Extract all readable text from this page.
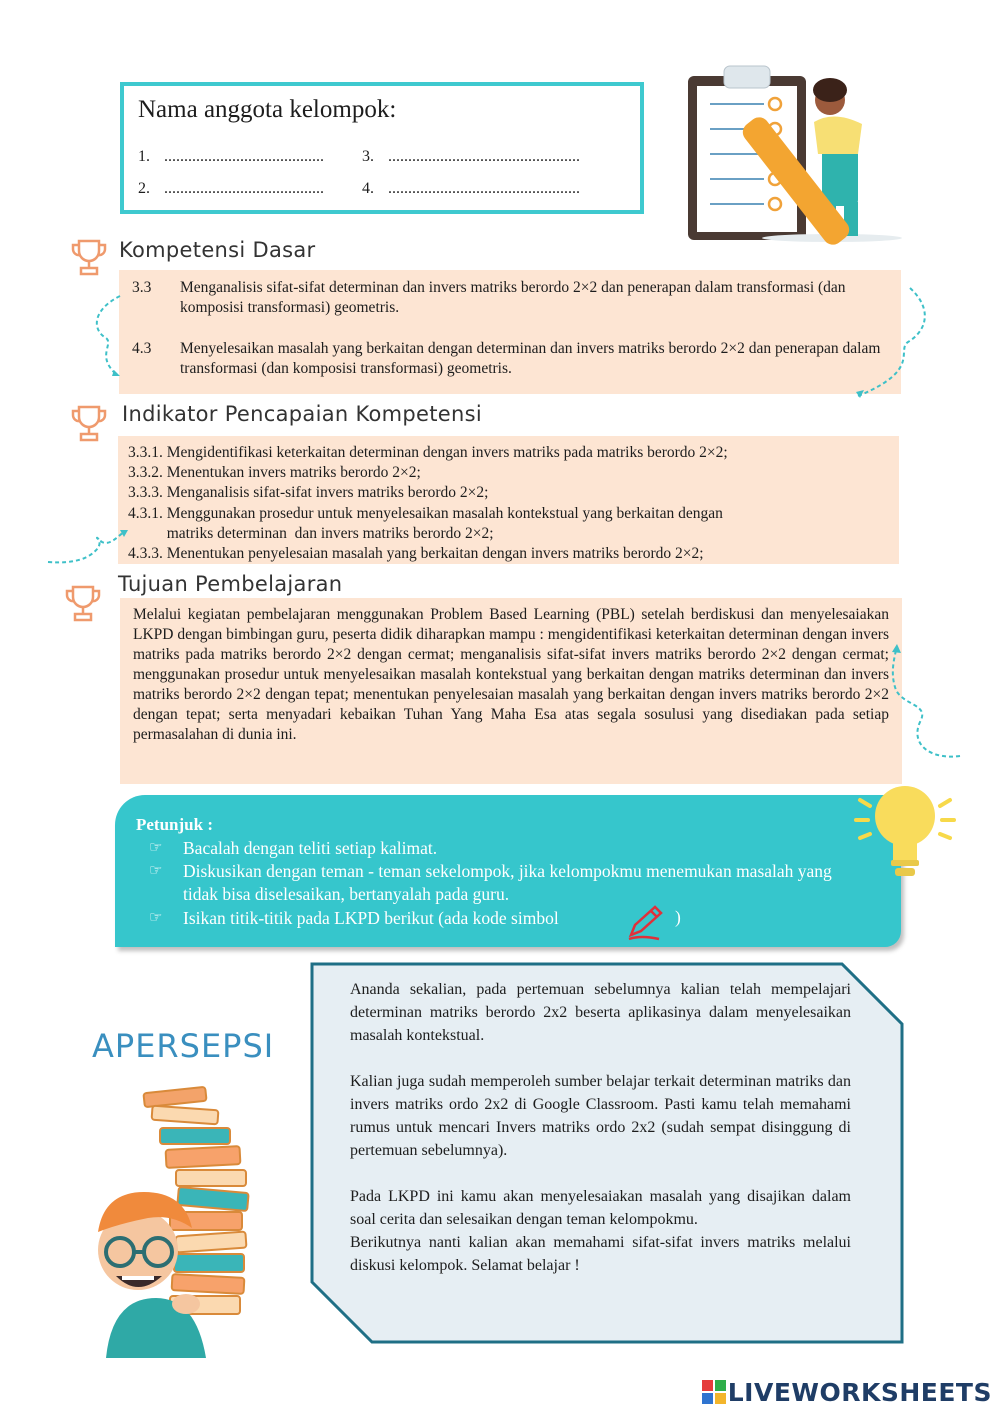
Nama anggota kelompok:
1. ........................................
2. ........................................
3. ................................................
4. ................................................
Kompetensi Dasar
3.3 Menganalisis sifat-sifat determinan dan invers matriks berordo 2×2 dan penerapan dalam transformasi (dan komposisi transformasi) geometris.
4.3 Menyelesaikan masalah yang berkaitan dengan determinan dan invers matriks berordo 2×2 dan penerapan dalam transformasi (dan komposisi transformasi) geometris.
Indikator Pencapaian Kompetensi
3.3.1. Mengidentifikasi keterkaitan determinan dengan invers matriks pada matriks berordo 2×2;
3.3.2. Menentukan invers matriks berordo 2×2;
3.3.3. Menganalisis sifat-sifat invers matriks berordo 2×2;
4.3.1. Menggunakan prosedur untuk menyelesaikan masalah kontekstual yang berkaitan dengan
matriks determinan  dan invers matriks berordo 2×2;
4.3.3. Menentukan penyelesaian masalah yang berkaitan dengan invers matriks berordo 2×2;
Tujuan Pembelajaran
Melalui kegiatan pembelajaran menggunakan Problem Based Learning (PBL) setelah berdiskusi dan menyelesaiakan LKPD dengan bimbingan guru, peserta didik diharapkan mampu : mengidentifikasi keterkaitan determinan dengan invers matriks pada matriks berordo 2×2 dengan cermat; menganalisis sifat-sifat invers matriks berordo 2×2 dengan cermat; menggunakan prosedur untuk menyelesaikan masalah kontekstual yang berkaitan dengan matriks determinan dan invers matriks berordo 2×2 dengan tepat; menentukan penyelesaian masalah yang berkaitan dengan invers matriks berordo 2×2 dengan tepat; serta menyadari kebaikan Tuhan Yang Maha Esa atas segala sosulusi yang disediakan pada setiap permasalahan di dunia ini.
Petunjuk :
☞ Bacalah dengan teliti setiap kalimat.
☞ Diskusikan dengan teman - teman sekelompok, jika kelompokmu menemukan masalah yang tidak bisa diselesaikan, bertanyalah pada guru.
☞ Isikan titik-titik pada LKPD berikut (ada kode simbol	)
APERSEPSI

Ananda sekalian, pada pertemuan sebelumnya kalian telah mempelajari determinan matriks berordo 2x2 beserta aplikasinya dalam menyelesaikan masalah kontekstual.

Kalian juga sudah memperoleh sumber belajar terkait determinan matriks dan invers matriks ordo 2x2 di Google Classroom. Pasti kamu telah memahami rumus untuk mencari Invers matriks ordo 2x2 (sudah sempat disinggung di pertemuan sebelumnya).

Pada LKPD ini kamu akan menyelesaiakan masalah yang disajikan dalam soal cerita dan selesaikan dengan teman kelompokmu.

Berikutnya nanti kalian akan memahami sifat-sifat invers matriks melalui diskusi kelompok. Selamat belajar !

LIVEWORKSHEETS
